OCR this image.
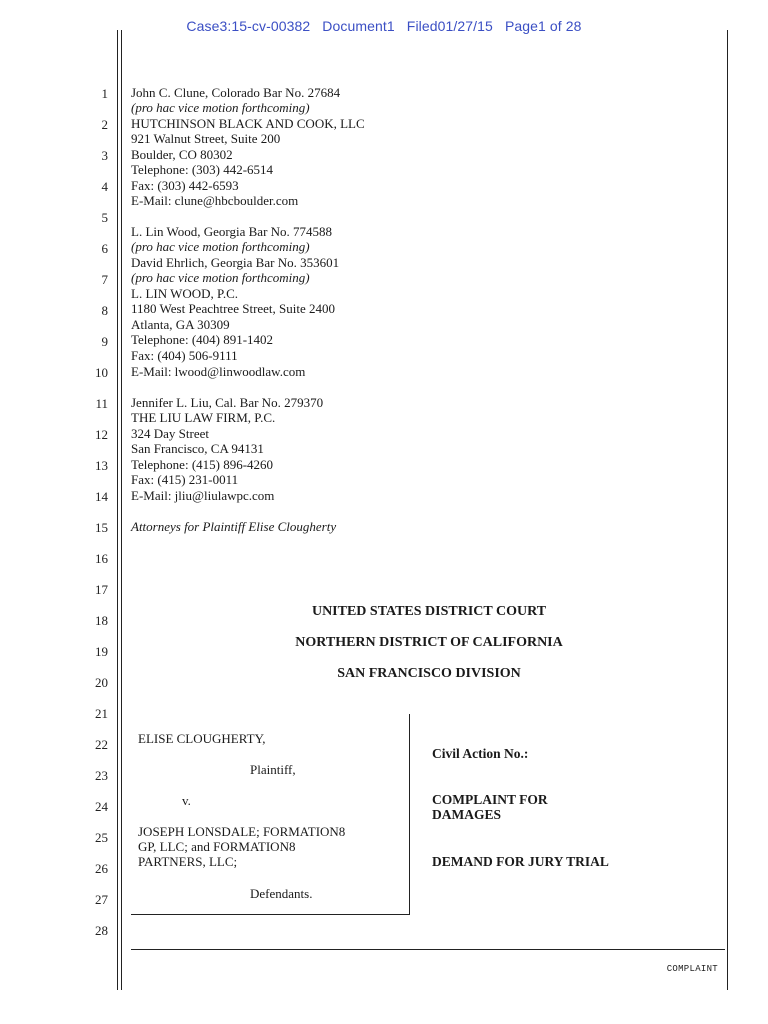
Case3:15-cv-00382 Document1 Filed01/27/15 Page1 of 28
1
2
3
4
5
6
7
8
9
10
11
12
13
14
15
16
17
18
19
20
21
22
23
24
25
26
27
28
John C. Clune, Colorado Bar No. 27684
(pro hac vice motion forthcoming)
HUTCHINSON BLACK AND COOK, LLC
921 Walnut Street, Suite 200
Boulder, CO 80302
Telephone: (303) 442-6514
Fax: (303) 442-6593
E-Mail: clune@hbcboulder.com
L. Lin Wood, Georgia Bar No. 774588
(pro hac vice motion forthcoming)
David Ehrlich, Georgia Bar No. 353601
(pro hac vice motion forthcoming)
L. LIN WOOD, P.C.
1180 West Peachtree Street, Suite 2400
Atlanta, GA 30309
Telephone: (404) 891-1402
Fax: (404) 506-9111
E-Mail: lwood@linwoodlaw.com
Jennifer L. Liu, Cal. Bar No. 279370
THE LIU LAW FIRM, P.C.
324 Day Street
San Francisco, CA 94131
Telephone: (415) 896-4260
Fax: (415) 231-0011
E-Mail: jliu@liulawpc.com
Attorneys for Plaintiff Elise Clougherty
UNITED STATES DISTRICT COURT
NORTHERN DISTRICT OF CALIFORNIA
SAN FRANCISCO DIVISION
ELISE CLOUGHERTY,
Plaintiff,
v.
JOSEPH LONSDALE; FORMATION8
GP, LLC; and FORMATION8
PARTNERS, LLC;
Defendants.
Civil Action No.:
COMPLAINT FOR
DAMAGES
DEMAND FOR JURY TRIAL
COMPLAINT
